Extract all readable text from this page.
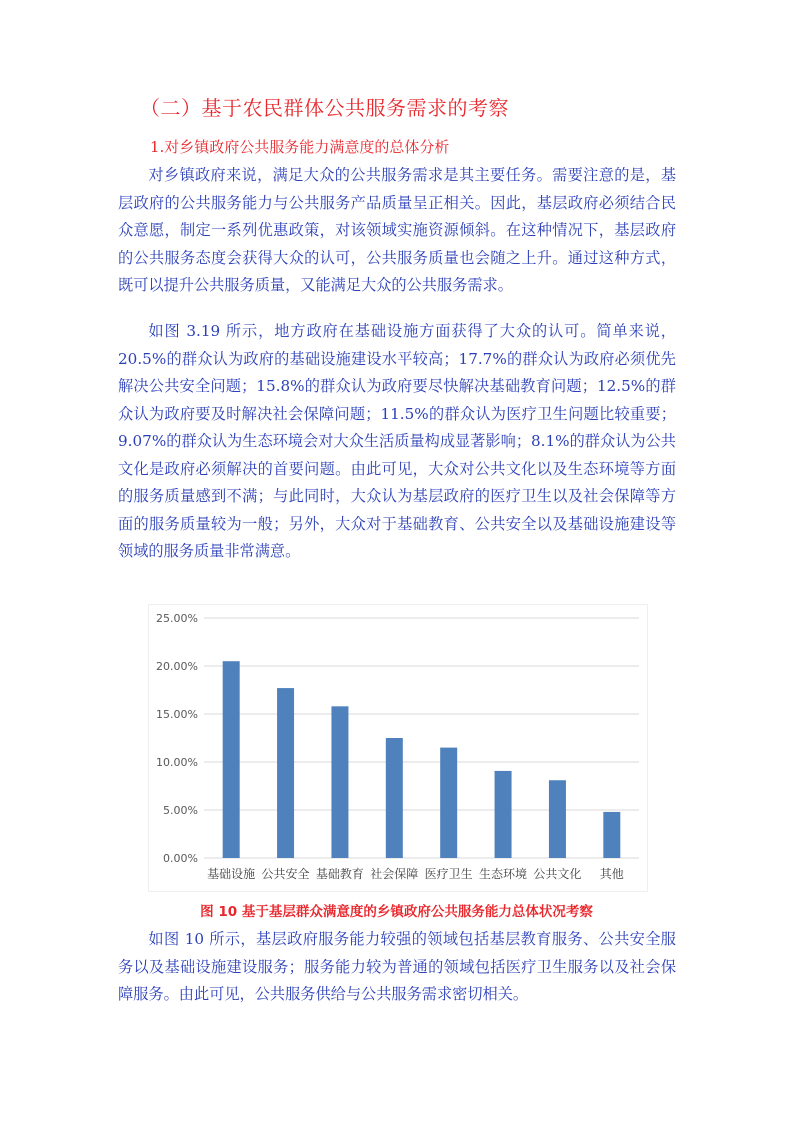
（二）基于农民群体公共服务需求的考察
1.对乡镇政府公共服务能力满意度的总体分析

对乡镇政府来说，满足大众的公共服务需求是其主要任务。需要注意的是，基层政府的公共服务能力与公共服务产品质量呈正相关。因此，基层政府必须结合民众意愿，制定一系列优惠政策，对该领域实施资源倾斜。在这种情况下，基层政府的公共服务态度会获得大众的认可，公共服务质量也会随之上升。通过这种方式，既可以提升公共服务质量，又能满足大众的公共服务需求。

如图 3.19 所示，地方政府在基础设施方面获得了大众的认可。简单来说，20.5%的群众认为政府的基础设施建设水平较高；17.7%的群众认为政府必须优先解决公共安全问题；15.8%的群众认为政府要尽快解决基础教育问题；12.5%的群众认为政府要及时解决社会保障问题；11.5%的群众认为医疗卫生问题比较重要；9.07%的群众认为生态环境会对大众生活质量构成显著影响；8.1%的群众认为公共文化是政府必须解决的首要问题。由此可见，大众对公共文化以及生态环境等方面的服务质量感到不满；与此同时，大众认为基层政府的医疗卫生以及社会保障等方面的服务质量较为一般；另外，大众对于基础教育、公共安全以及基础设施建设等领域的服务质量非常满意。

0.00%
5.00%
10.00%
15.00%
20.00%
25.00%
基础设施 公共安全 基础教育 社会保障 医疗卫生 生态环境 公共文化 其他
图 10 基于基层群众满意度的乡镇政府公共服务能力总体状况考察

如图 10 所示，基层政府服务能力较强的领域包括基层教育服务、公共安全服务以及基础设施建设服务；服务能力较为普通的领域包括医疗卫生服务以及社会保障服务。由此可见，公共服务供给与公共服务需求密切相关。
